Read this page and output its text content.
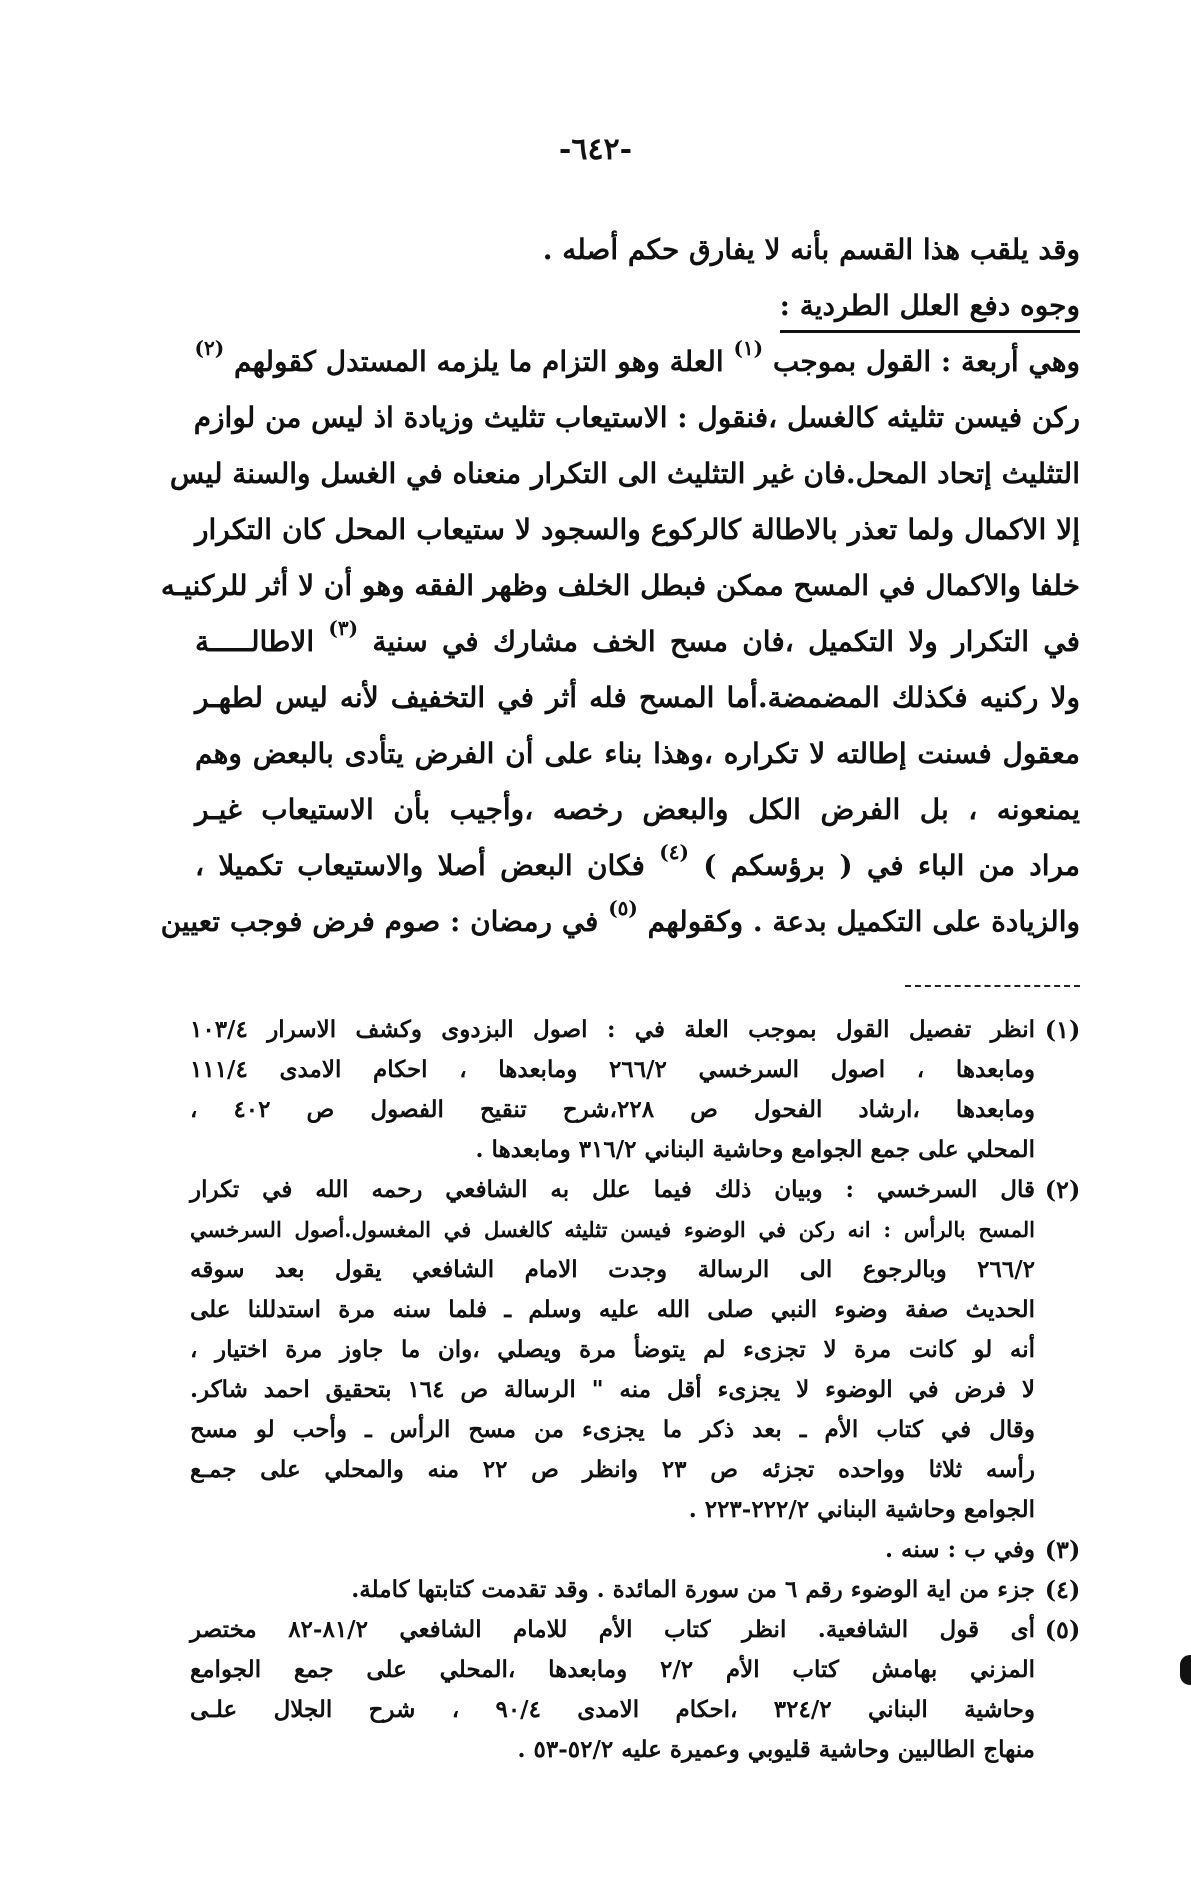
-٦٤٢-
وقد يلقب هذا القسم بأنه لا يفارق حكم أصله .
وجوه دفع العلل الطردية :
وهي أربعة : القول بموجب $^{(١)}$ العلة وهو التزام ما يلزمه المستدل كقولهم $^{(٢)}$
ركن فيسن تثليثه كالغسل ،فنقول : الاستيعاب تثليث وزيادة اذ ليس من لوازم
التثليث إتحاد المحل.فان غير التثليث الى التكرار منعناه في الغسل والسنة ليس
إلا الاكمال ولما تعذر بالاطالة كالركوع والسجود لا ستيعاب المحل كان التكرار
خلفا والاكمال في المسح ممكن فبطل الخلف وظهر الفقه وهو أن لا أثر للركنيـه
في التكرار ولا التكميل ،فان مسح الخف مشارك في سنية $^{(٣)}$ الاطالـــــة
ولا ركنيه فكذلك المضمضة.أما المسح فله أثر في التخفيف لأنه ليس لطهـر
معقول فسنت إطالته لا تكراره ،وهذا بناء على أن الفرض يتأدى بالبعض وهم
يمنعونه ، بل الفرض الكل والبعض رخصه ،وأجيب بأن الاستيعاب غيـر
مراد من الباء في ( برؤسكم ) $^{(٤)}$ فكان البعض أصلا والاستيعاب تكميلا ،
والزيادة على التكميل بدعة . وكقولهم $^{(٥)}$ في رمضان : صوم فرض فوجب تعيين
(١)
انظر تفصيل القول بموجب العلة في : اصول البزدوى وكشف الاسرار ١٠٣/٤
ومابعدها ، اصول السرخسي ٢٦٦/٢ ومابعدها ، احكام الامدى ١١١/٤
ومابعدها ،ارشاد الفحول ص ٢٢٨،شرح تنقيح الفصول ص ٤٠٢ ،
المحلي على جمع الجوامع وحاشية البناني ٣١٦/٢ ومابعدها .
(٢)
قال السرخسي : وبيان ذلك فيما علل به الشافعي رحمه الله في تكرار
المسح بالرأس : انه ركن في الوضوء فيسن تثليثه كالغسل في المغسول.أصول السرخسي
٢٦٦/٢ وبالرجوع الى الرسالة وجدت الامام الشافعي يقول بعد سوقه
الحديث صفة وضوء النبي صلى الله عليه وسلم ـ فلما سنه مرة استدللنا على
أنه لو كانت مرة لا تجزىء لم يتوضأ مرة ويصلي ،وان ما جاوز مرة اختيار ،
لا فرض في الوضوء لا يجزىء أقل منه " الرسالة ص ١٦٤ بتحقيق احمد شاكر.
وقال في كتاب الأم ـ بعد ذكر ما يجزىء من مسح الرأس ـ وأحب لو مسح
رأسه ثلاثا وواحده تجزئه ص ٢٣ وانظر ص ٢٢ منه والمحلي على جمـع
الجوامع وحاشية البناني ٢٢٢/٢-٢٢٣ .
(٣)
وفي ب : سنه .
(٤)
جزء من اية الوضوء رقم ٦ من سورة المائدة . وقد تقدمت كتابتها كاملة.
(٥)
أى قول الشافعية. انظر كتاب الأم للامام الشافعي ٨١/٢-٨٢ مختصر
المزني بهامش كتاب الأم ٢/٢ ومابعدها ،المحلي على جمع الجوامع
وحاشية البناني ٣٢٤/٢ ،احكام الامدى ٩٠/٤ ، شرح الجلال علـى
منهاج الطالبين وحاشية قليوبي وعميرة عليه ٥٢/٢-٥٣ .
